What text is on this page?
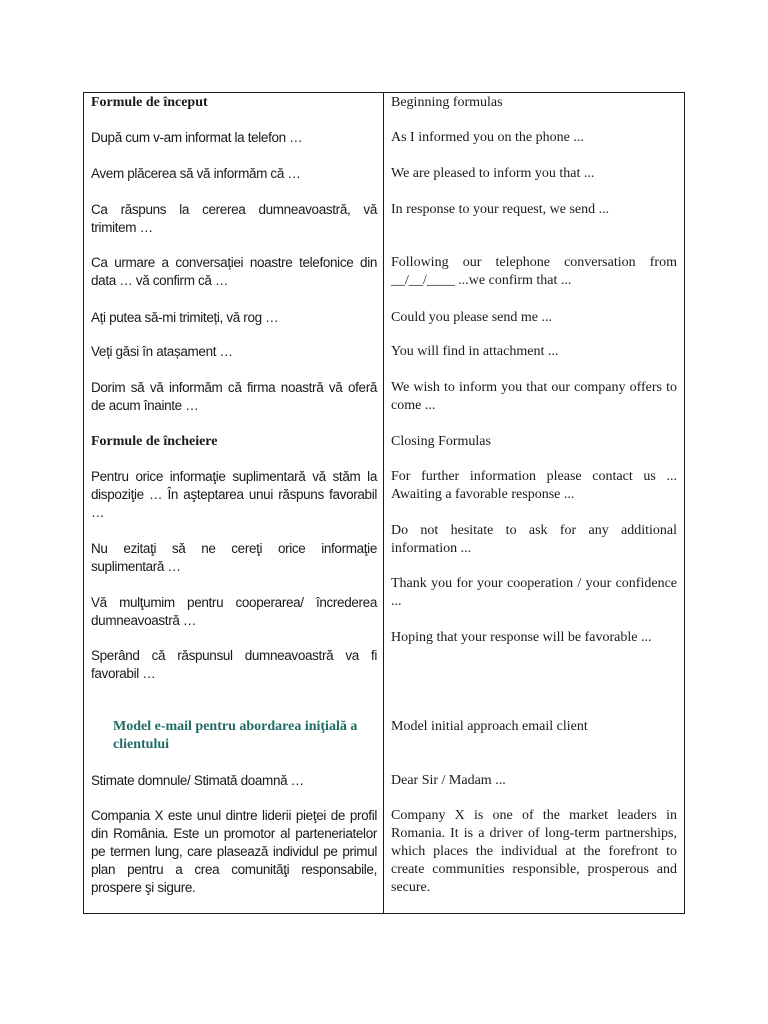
Formule de început

După cum v-am informat la telefon …

Avem plăcerea să vă informăm că …

Ca răspuns la cererea dumneavoastră, vă trimitem …

Ca urmare a conversației noastre telefonice din data … vă confirm că …

Ați putea să-mi trimiteți, vă rog …

Veți găsi în atașament …

Dorim să vă informăm că firma noastră vă oferă de acum înainte …

Formule de încheiere

Pentru orice informaţie suplimentară vă stăm la dispoziţie … În aşteptarea unui răspuns favorabil …

Nu ezitaţi să ne cereţi orice informaţie suplimentară …

Vă mulţumim pentru cooperarea/ încrederea dumneavoastră …

Sperând că răspunsul dumneavoastră va fi favorabil …

Model e-mail pentru abordarea iniţială a clientului

Stimate domnule/ Stimată doamnă …

Compania X este unul dintre liderii pieţei de profil din România. Este un promotor al parteneriatelor pe termen lung, care plasează individul pe primul plan pentru a crea comunităţi responsabile, prospere şi sigure.

Beginning formulas

As I informed you on the phone ...

We are pleased to inform you that ...

In response to your request, we send ...

Following our telephone conversation from __/__/____ ...we confirm that ...

Could you please send me ...

You will find in attachment ...

We wish to inform you that our company offers to come ...

Closing Formulas

For further information please contact us ... Awaiting a favorable response ...

Do not hesitate to ask for any additional information ...

Thank you for your cooperation / your confidence ...

Hoping that your response will be favorable ...

Model initial approach email client

Dear Sir / Madam ...

Company X is one of the market leaders in Romania. It is a driver of long-term partnerships, which places the individual at the forefront to create communities responsible, prosperous and secure.
